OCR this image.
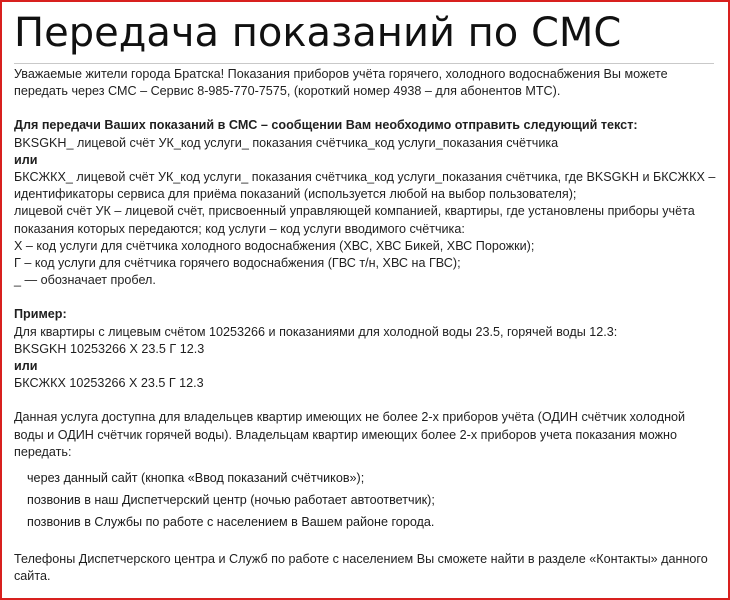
Передача показаний по СМС

Уважаемые жители города Братска! Показания приборов учёта горячего, холодного водоснабжения Вы можете передать через СМС – Сервис 8-985-770-7575, (короткий номер 4938 – для абонентов МТС).

Для передачи Ваших показаний в СМС – сообщении Вам необходимо отправить следующий текст:

BKSGKH_ лицевой счёт УК_код услуги_ показания счётчика_код услуги_показания счётчика

или

БКСЖКХ_ лицевой счёт УК_код услуги_ показания счётчика_код услуги_показания счётчика, где BKSGKH и БКСЖКХ – идентификаторы сервиса для приёма показаний (используется любой на выбор пользователя);

лицевой счёт УК – лицевой счёт, присвоенный управляющей компанией, квартиры, где установлены приборы учёта показания которых передаются; код услуги – код услуги вводимого счётчика:

Х – код услуги для счётчика холодного водоснабжения (ХВС, ХВС Бикей, ХВС Порожки);

Г – код услуги для счётчика горячего водоснабжения (ГВС т/н, ХВС на ГВС);

_ — обозначает пробел.

Пример:

Для квартиры с лицевым счётом 10253266 и показаниями для холодной воды 23.5, горячей воды 12.3:

BKSGKH 10253266 Х 23.5 Г 12.3

или

БКСЖКХ 10253266 Х 23.5 Г 12.3

Данная услуга доступна для владельцев квартир имеющих не более 2-х приборов учёта (ОДИН счётчик холодной воды и ОДИН счётчик горячей воды). Владельцам квартир имеющих более 2-х приборов учета показания можно передать:

через данный сайт (кнопка «Ввод показаний счётчиков»);
позвонив в наш Диспетчерский центр (ночью работает автоответчик);
позвонив в Службы по работе с населением в Вашем районе города.

Телефоны Диспетчерского центра и Служб по работе с населением Вы сможете найти в разделе «Контакты» данного сайта.
